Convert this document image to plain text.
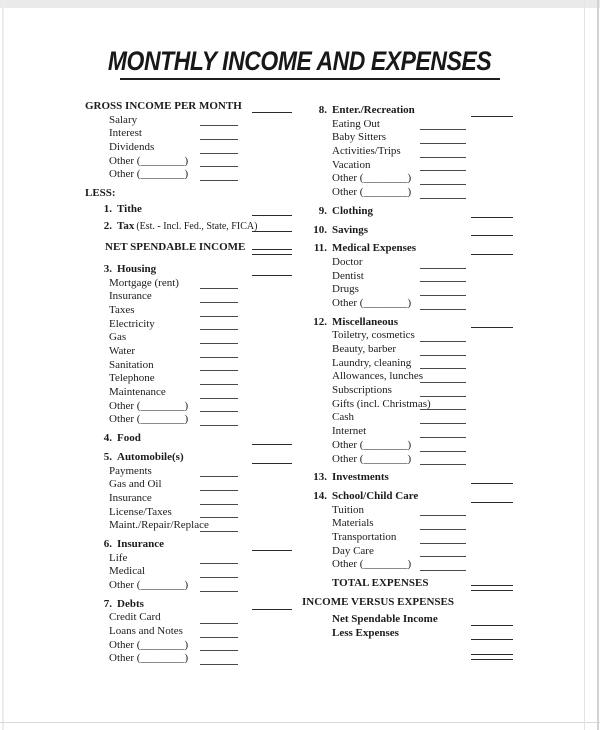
MONTHLY INCOME AND EXPENSES
GROSS INCOME PER MONTH
Salary
Interest
Dividends
Other (________)
Other (________)
LESS:
1. Tithe
2. Tax (Est. - Incl. Fed., State, FICA)
NET SPENDABLE INCOME
3. Housing
Mortgage (rent)
Insurance
Taxes
Electricity
Gas
Water
Sanitation
Telephone
Maintenance
Other (________)
Other (________)
4. Food
5. Automobile(s)
Payments
Gas and Oil
Insurance
License/Taxes
Maint./Repair/Replace
6. Insurance
Life
Medical
Other (________)
7. Debts
Credit Card
Loans and Notes
Other (________)
Other (________)
8. Enter./Recreation
Eating Out
Baby Sitters
Activities/Trips
Vacation
Other (________)
Other (________)
9. Clothing
10. Savings
11. Medical Expenses
Doctor
Dentist
Drugs
Other (________)
12. Miscellaneous
Toiletry, cosmetics
Beauty, barber
Laundry, cleaning
Allowances, lunches
Subscriptions
Gifts (incl. Christmas)
Cash
Internet
Other (________)
Other (________)
13. Investments
14. School/Child Care
Tuition
Materials
Transportation
Day Care
Other (________)
TOTAL EXPENSES
INCOME VERSUS EXPENSES
Net Spendable Income
Less Expenses
